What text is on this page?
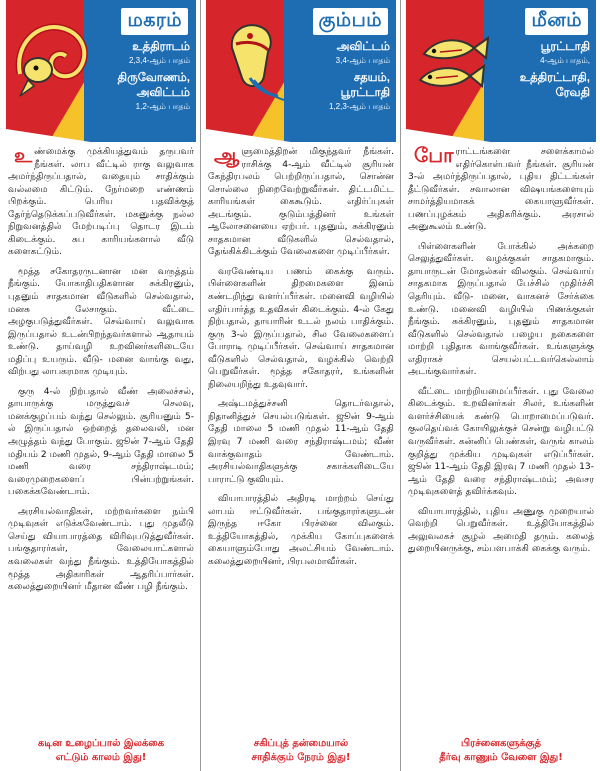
மகரம்
உத்திராடம்
2,3,4-ஆம் பாதம்
திருவோணம்,
அவிட்டம்
1,2-ஆம் பாதம்

உண்மைக்கு முக்கியத்துவம் தருபவர் நீங்கள். லாப வீட்டில் ராகு வலுவாக அமர்ந்திருப்பதால், வதையும் சாதிக்கும் வல்லமை கிட்டும். நேர்மறை எண்ணம் பிறக்கும். பெரிய பதவிக்குத் தேர்ந்தெடுக்கப்படுவீர்கள். மகனுக்கு நல்ல நிறுவனத்தில் மேற்படிப்பு தொடர இடம் கிடைக்கும். சுப காரியங்களால் வீடு களைகட்டும்.

மூத்த சகோதரருடனான மன வருத்தம் நீங்கும். யோகாதிபதிகளான சுக்கிரனும், புதனும் சாதகமான வீடுகளில் செல்வதால், மனசு லேசாகும். வீட்டை அழகுபடுத்துவீர்கள். செவ்வாய் வலுவாக இருப்பதால் உடன்பிறந்தவர்களால் ஆதாயம் உண்டு. தாய்வழி உறவினர்களிடையே மதிப்பு உயரும். வீடு- மனை வாங்கு வது, விற்பது லாபகரமாக முடியும்.

குரு 4-ல் நிற்பதால் வீண் அலைச்சல், தாயாருக்கு மருத்துவச் செலவு, மனக்குழப்பம் வந்து செல்லும். சூரியனும் 5-ல் இருப்பதால் ஒற்றைத் தலைவலி, மன அழுத்தம் வந்து போகும். ஜூன் 7-ஆம் தேதி மதியம் 2 மணி முதல், 9-ஆம் தேதி மாலை 5 மணி வரை சந்திராஷ்டமம்; வரைமுறைகளைப் பின்பற்றுங்கள். பகைக்கவேண்டாம்.

அரசியல்வாதிகள், மற்றவர்களை நம்பி முடிவுகள் எடுக்கவேண்டாம். புது முதலீடு செய்து வியாபாரத்தை விரிவுபடுத்துவீர்கள். பங்குதாரர்கள், வேலையாட்களால் கவலைகள் வந்து நீங்கும். உத்தியோகத்தில் மூத்த அதிகாரிகள் ஆதரிப்பார்கள். கலைத்துறையினர் மீதான வீண் பழி நீங்கும்.

கடின உழைப்பால் இலக்கை
எட்டும் காலம் இது!
கும்பம்
அவிட்டம்
3,4-ஆம் பாதம்
சதயம்,
பூரட்டாதி
1,2,3-ஆம் பாதம்

ஆளுமைத்திறன் மிகுந்தவர் நீங்கள். ராசிக்கு 4-ஆம் வீட்டில் சூரியன் கேந்திரபலம் பெற்றிருப்பதால், சொன்ன சொல்லை நிறைவேற்றுவீர்கள். திட்டமிட்ட காரியங்கள் கைகூடும். எதிர்ப்புகள் அடங்கும். குடும்பத்தினர் உங்கள் ஆலோசனையை ஏற்பர். புதனும், சுக்கிரனும் சாதகமான வீடுகளில் செல்வதால், தேங்கிக்கிடக்கும் வேலைகளை முடிப்பீர்கள்.

வரவேண்டிய பணம் கைக்கு வரும். பிள்ளைகளின் திறமைகளை இனம் கண்டறிந்து வளர்ப்பீர்கள். மனைவி வழியில் எதிர்பார்த்த உதவிகள் கிடைக்கும். 4-ல் கேது நிற்பதால், தாயாரின் உடல் நலம் பாதிக்கும். குரு 3-ல் இருப்பதால், சில வேலைகளைப் போராடி முடிப்பீர்கள். செவ்வாய் சாதகமான வீடுகளில் செல்வதால், வழக்கில் வெற்றி பெறுவீர்கள். மூத்த சகோதரர், உங்களின் நிலையறிந்து உதவுவார்.

அஷ்டமத்துச்சனி தொடர்வதால், நிதானித்துச் செயல்படுங்கள். ஜூன் 9-ஆம் தேதி மாலை 5 மணி முதல் 11-ஆம் தேதி இரவு 7 மணி வரை சந்திராஷ்டமம்; வீண் வாக்குவாதம் வேண்டாம். அரசியல்வாதிகளுக்கு சகாக்களிடையே பாராட்டு குவியும்.

வியாபாரத்தில் அதிரடி மாற்றம் செய்து லாபம் ஈட்டுவீர்கள். பங்குதாரர்களுடன் இருந்த ஈகோ பிரச்னை விலகும். உத்தியோகத்தில், முக்கிய கோப்புகளைக் கையாளும்போது அலட்சியம் வேண்டாம். கலைத்துறையினர், பிரபலமாவீர்கள்.

சகிப்புத் தன்மையால்
சாதிக்கும் நேரம் இது!
மீனம்
பூரட்டாதி
4-ஆம் பாதம்,
உத்திரட்டாதி,
ரேவதி

போராட்டங்களை சளைக்காமல் எதிர்கொள்பவர் நீங்கள். சூரியன் 3-ல் அமர்ந்திருப்பதால், புதிய திட்டங்கள் தீட்டுவீர்கள். சவாலான விஷயங்களையும் சாமர்த்தியமாகக் கையாளுவீர்கள். பணப்புழக்கம் அதிகரிக்கும். அரசால் அனுகூலம் உண்டு.

பிள்ளைகளின் போக்கில் அக்கறை செலுத்துவீர்கள். வழக்குகள் சாதகமாகும். தாயாருடன் மோதல்கள் விலகும். செவ்வாய் சாதகமாக இருப்பதால் பேச்சில் முதிர்ச்சி தெரியும். வீடு- மனை, வாகனச் சேர்க்கை உண்டு. மனைவி வழியில் பிணக்குகள் நீங்கும். சுக்கிரனும், புதனும் சாதகமான வீடுகளில் செல்வதால் பழைய நகைகளை மாற்றி புதிதாக வாங்குவீர்கள். உங்களுக்கு எதிராகச் செயல்பட்டவர்கெல்லாம் அடங்குவார்கள்.

வீட்டை மாற்றியமைப்பீர்கள். புது வேலை கிடைக்கும். உறவினர்கள் சிலர், உங்களின் வளர்ச்சியைக் கண்டு பொறாமைப்படுவர். குலதெய்வக் கோயிலுக்குச் சென்று வழிபட்டு வருவீர்கள். கன்னிப் பெண்கள், வருங் காலம் குறித்து முக்கிய முடிவுகள் எடுப்பீர்கள். ஜூன் 11-ஆம் தேதி இரவு 7 மணி முதல் 13-ஆம் தேதி வரை சந்திராஷ்டமம்; அவசர முடிவுகளைத் தவிர்க்கவும்.

வியாபாரத்தில், புதிய அணுகு முறையால் வெற்றி பெறுவீர்கள். உத்தியோகத்தில் அலுவலகச் சூழல் அமைதி தரும். கலைத் துறையினருக்கு, சம்பளபாக்கி கைக்கு வரும்.

பிரச்னைகளுக்குத்
தீர்வு காணும் வேளை இது!
